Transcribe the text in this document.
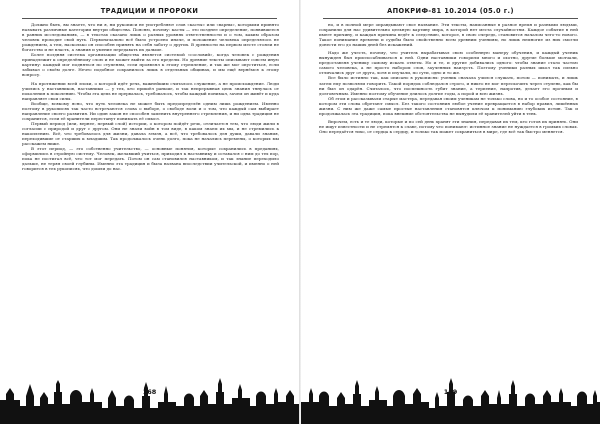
ТРАДИЦИИ И ПРОРОКИ

Должно быть, вы знаете, что ни я, ни рукописи не употребляют слов «касты» или «варны», которыми принято называть различные категории внутри общества. Поясню, почему: касты — это позднее определение, появившееся в ранних исследованиях, — в текстах сказано лишь о разных уровнях ответственности и о том, каким образом человек проходит свой путь. Первоначально всё было устроено иначе, и положение человека определялось не рождением, а тем, насколько он способен принять на себя заботу о других. В древности на первом месте стояли не богатство и не власть, а знания и умение передавать их дальше.

Более поздняя система организации общества является системой «сословий», когда человек с рождения принадлежит к определённому слою и не может выйти за его пределы. Но древние тексты описывают совсем иную картину: каждый мог подняться по ступеням, если проявлял к этому стремление, и так же мог опуститься, если забывал о своём долге. Нечто подобное сохранилось лишь в отдельных общинах, и мы ещё вернёмся к этому вопросу.

На протяжении всей эпохи, о которой идёт речь, важнейшим считалось служение, а не происхождение. Люди учились у наставников, наставники — у тех, кто пришёл раньше, и так непрерывная цепь знания тянулась от поколения к поколению. Чтобы эта цепь не прервалась, требовалось, чтобы каждый понимал, зачем он живёт и куда направляет свои силы.

Вообще, всякому ясно, что путь человека не может быть предопределён одним лишь рождением. Именно поэтому в рукописях так часто встречаются слова о выборе, о свободе воли и о том, что каждый сам выбирает направление своего развития. Ни один закон не способен заменить внутреннего стремления, и ни одна традиция не сохранится, если её хранители перестанут понимать её смысл.

Первый период (или, вернее, первый слой) истории, о котором пойдёт речь, отличается тем, что люди жили в согласии с природой и друг с другом. Они не знали войн в том виде, в каком знаем их мы, и не стремились к накоплению. Всё, что требовалось для жизни, давала земля, а всё, что требовалось для души, давали знания, переходившие от старших к младшим. Так продолжалось очень долго, пока не начались перемены, о которых мы расскажем ниже.

В этот период, — это собственно учительство, — основные понятия, которые сохранились в преданиях, оформились в стройную систему. Человек, желавший учиться, приходил к наставнику и оставался с ним до тех пор, пока не постигал всё, что тот мог передать. Потом он сам становился наставником, и так знание переходило дальше, не теряя своей глубины. Именно эта традиция и была названа впоследствии учительской, и именно о ней говорится в тех рукописях, что дошли до нас.

168
АПОКРИФ-81 10.2014 (05.0 г.)

но, и в полной мере оправдывают свое название. Эти тексты, написанные в разное время и разными людьми, сохранили для нас удивительно цельную картину мира, в которой нет места случайностям. Каждое событие в ней имеет причину, и каждая причина ведёт к следствию, которое, в свою очередь, становится началом чего-то нового. Такое понимание времени и судьбы было свойственно всем древним учениям, но лишь немногие из них смогли донести его до наших дней без искажений.

Надо же учесть, почему, что учитель вырабатывал свою особенную манеру обучения, и каждый ученик вынужден был приспосабливаться к ней. Одни наставники говорили много и охотно, другие больше молчали, предоставляя ученику самому искать ответы. Но и те, и другие добивались одного: чтобы знание стало частью самого человека, а не просто набором слов, заученных наизусть. Поэтому ученики разных школ так сильно отличались друг от друга, хотя и изучали, по сути, одно и то же.

Все было истинно так, как описано в рукописях: ученик сначала учился слушать, потом — понимать, и лишь затем ему позволяли говорить. Такой порядок соблюдался строго, и никто не мог перескочить через ступень, как бы ни был он одарён. Считалось, что поспешность губит знание, а терпение, напротив, делает его прочным и долговечным. Именно поэтому обучение длилось долгие годы, а порой и всю жизнь.

Об этом и рассказывали старые мастера, передавая своим ученикам не только слова, но и то особое состояние, в котором эти слова обретают смысл. Без такого состояния любое учение превращается в набор правил, лишённых жизни. С ним же даже самые простые наставления становятся ключом к пониманию глубоких истин. Так и продолжалась эта традиция, пока внешние обстоятельства не вынудили её хранителей уйти в тень.

Впрочем, есть и те люди, которые и по сей день хранят эти знания, передавая их тем, кто готов их принять. Они не ищут известности и не стремятся к славе, потому что понимают: истинное знание не нуждается в громких словах. Оно передаётся тихо, от сердца к сердцу, и только так может сохраниться в мире, где всё так быстро меняется.

169
